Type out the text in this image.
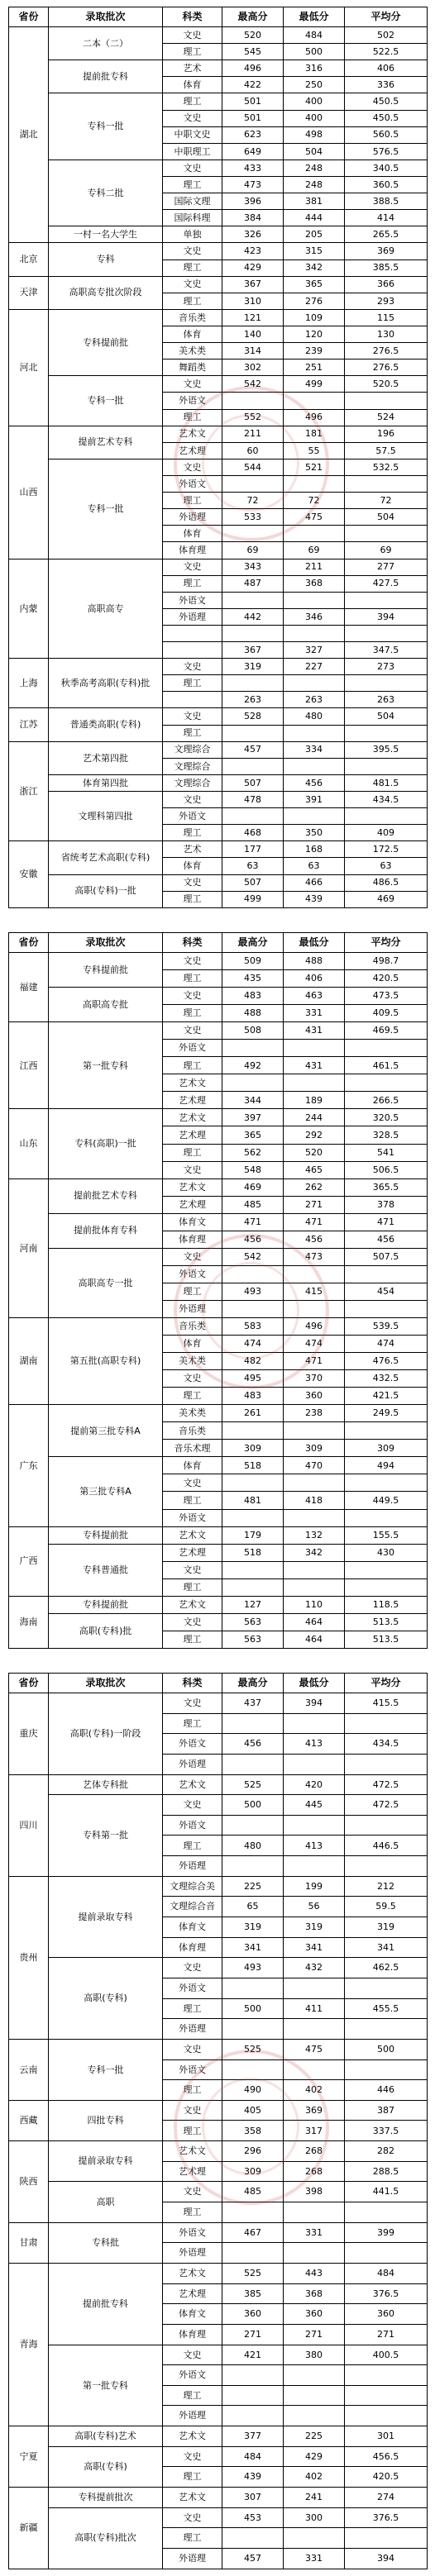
省份	录取批次	科类	最高分	最低分	平均分
湖北	二本（二）	文史	520	484	502
		理工	545	500	522.5
	提前批专科	艺术	496	316	406
		体育	422	250	336
	专科一批	理工	501	400	450.5
		文史	501	400	450.5
		中职文史	623	498	560.5
		中职理工	649	504	576.5
	专科二批	文史	433	248	340.5
		理工	473	248	360.5
		国际文理	396	381	388.5
		国际科理	384	444	414
	一村一名大学生	单独	326	205	265.5
北京	专科	文史	423	315	369
		理工	429	342	385.5
天津	高职高专批次阶段	文史	367	365	366
		理工	310	276	293
河北	专科提前批	音乐类	121	109	115
		体育	140	120	130
		美术类	314	239	276.5
		舞蹈类	302	251	276.5
	专科一批	文史	542	499	520.5
		外语文			
		理工	552	496	524
山西	提前艺术专科	艺术文	211	181	196
		艺术理	60	55	57.5
	专科一批	文史	544	521	532.5
		外语文			
		理工	72	72	72
		外语理	533	475	504
		体育			
		体育理	69	69	69
内蒙	高职高专	文史	343	211	277
		理工	487	368	427.5
		外语文			
		外语理	442	346	394

			367	327	347.5
上海	秋季高考高职(专科)批	文史	319	227	273
		理工			
			263	263	263
江苏	普通类高职(专科)	文史	528	480	504
		理工			
浙江	艺术第四批	文理综合	457	334	395.5
		文理综合			
	体育第四批	文理综合	507	456	481.5
	文理科第四批	文史	478	391	434.5
		外语文			
		理工	468	350	409
安徽	省统考艺术高职(专科)	艺术	177	168	172.5
		体育	63	63	63
	高职(专科)一批	文史	507	466	486.5
		理工	499	439	469
省份	录取批次	科类	最高分	最低分	平均分
福建	专科提前批	文史	509	488	498.7
		理工	435	406	420.5
	高职高专批	文史	483	463	473.5
		理工	488	331	409.5
江西	第一批专科	文史	508	431	469.5
		外语文			
		理工	492	431	461.5
		艺术文			
		艺术理	344	189	266.5
山东	专科(高职)一批	艺术文	397	244	320.5
		艺术理	365	292	328.5
		理工	562	520	541
		文史	548	465	506.5
河南	提前批艺术专科	艺术文	469	262	365.5
		艺术理	485	271	378
	提前批体育专科	体育文	471	471	471
		体育理	456	456	456
	高职高专一批	文史	542	473	507.5
		外语文			
		理工	493	415	454
		外语理			
湖南	第五批(高职专科)	音乐类	583	496	539.5
		体育	474	474	474
		美术类	482	471	476.5
		文史	495	370	432.5
		理工	483	360	421.5
广东	提前第三批专科A	美术类	261	238	249.5
		音乐类			
		音乐术理	309	309	309
	第三批专科A	体育	518	470	494
		文史			
		理工	481	418	449.5
		外语文			
广西	专科提前批	艺术文	179	132	155.5
	专科普通批	艺术理	518	342	430
		文史			
		理工			
海南	专科提前批	艺术文	127	110	118.5
	高职(专科)批	文史	563	464	513.5
		理工	563	464	513.5
省份	录取批次	科类	最高分	最低分	平均分
重庆	高职(专科)一阶段	文史	437	394	415.5
		理工			
		外语文	456	413	434.5
		外语理			
四川	艺体专科批	艺术文	525	420	472.5
	专科第一批	文史	500	445	472.5
		外语文			
		理工	480	413	446.5
		外语理			
贵州	提前录取专科	文理综合美	225	199	212
		文理综合音	65	56	59.5
		体育文	319	319	319
		体育理	341	341	341
	高职(专科)	文史	493	432	462.5
		外语文			
		理工	500	411	455.5
		外语理			
云南	专科一批	文史	525	475	500
		外语文			
		理工	490	402	446
西藏	四批专科	文史	405	369	387
		理工	358	317	337.5
陕西	提前录取专科	艺术文	296	268	282
		艺术理	309	268	288.5
	高职	文史	485	398	441.5
		理工			
甘肃	专科批	外语文	467	331	399
		外语理			
青海	提前批专科	艺术文	525	443	484
		艺术理	385	368	376.5
		体育文	360	360	360
		体育理	271	271	271
	第一批专科	文史	421	380	400.5
		外语文			
		理工			
		外语理			
宁夏	高职(专科)艺术	艺术文	377	225	301
	高职(专科)	文史	484	429	456.5
		理工	439	402	420.5
新疆	专科提前批次	艺术文	307	241	274
	高职(专科)批次	文史	453	300	376.5
		理工			
		外语理	457	331	394
